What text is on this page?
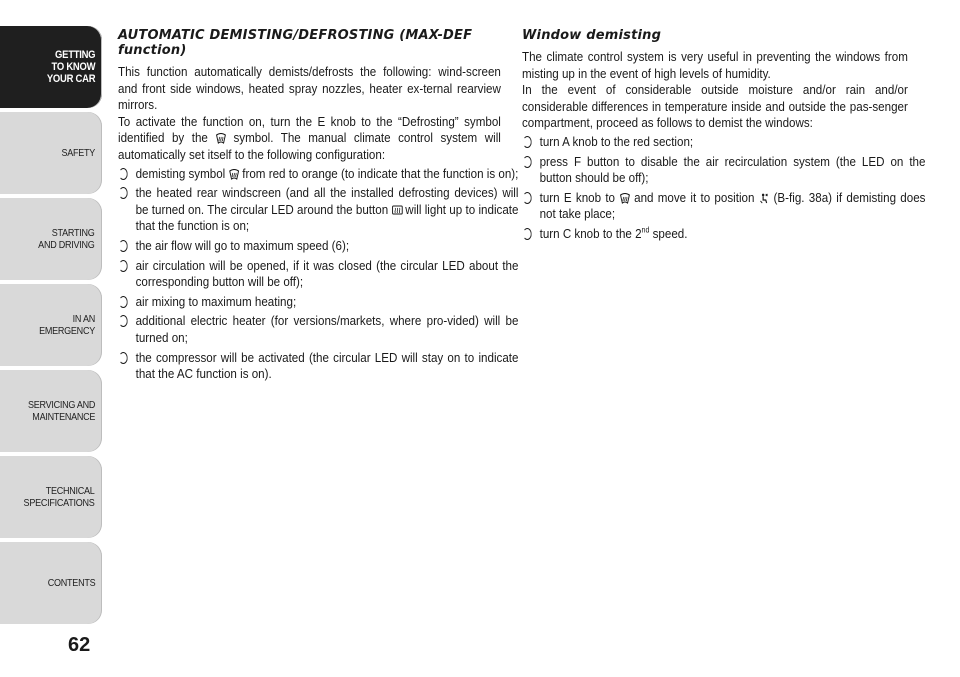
GETTING
TO KNOW
YOUR CAR
SAFETY
STARTING
AND DRIVING
IN AN
EMERGENCY
SERVICING AND
MAINTENANCE
TECHNICAL
SPECIFICATIONS
CONTENTS
62
AUTOMATIC DEMISTING/DEFROSTING (MAX-DEF function)

This function automatically demists/defrosts the following: wind-screen and front side windows, heated spray nozzles, heater ex-ternal rearview mirrors.

To activate the function on, turn the E knob to the “Defrosting” symbol identified by the
symbol. The manual climate control system will automatically set itself to the following configuration:

demisting symbol
from red to orange (to indicate that the function is on);
the heated rear windscreen (and all the installed defrosting devices) will be turned on. The circular LED around the button
will light up to indicate that the function is on;
the air flow will go to maximum speed (6);
air circulation will be opened, if it was closed (the circular LED about the corresponding button will be off);
air mixing to maximum heating;
additional electric heater (for versions/markets, where pro-vided) will be turned on;
the compressor will be activated (the circular LED will stay on to indicate that the AC function is on).
Window demisting

The climate control system is very useful in preventing the windows from misting up in the event of high levels of humidity.

In the event of considerable outside moisture and/or rain and/or considerable differences in temperature inside and outside the pas-senger compartment, proceed as follows to demist the windows:

turn A knob to the red section;
press F button to disable the air recirculation system (the LED on the button should be off);
turn E knob to
and move it to position
(B-fig. 38a) if demisting does not take place;
turn C knob to the 2nd speed.
